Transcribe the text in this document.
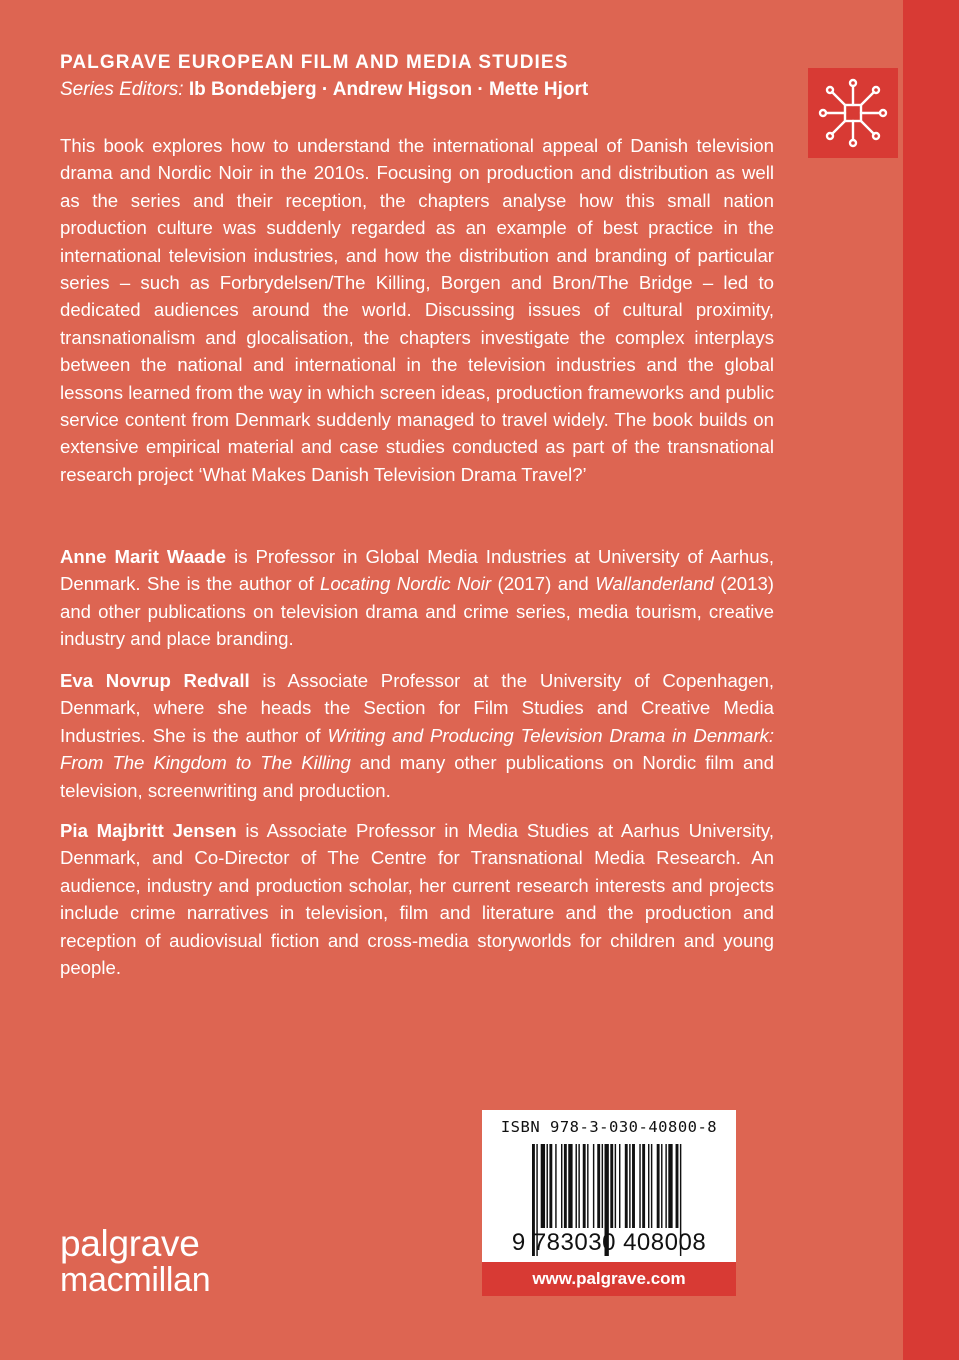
PALGRAVE EUROPEAN FILM AND MEDIA STUDIES
Series Editors: Ib Bondebjerg · Andrew Higson · Mette Hjort

This book explores how to understand the international appeal of Danish television drama and Nordic Noir in the 2010s. Focusing on production and distribution as well as the series and their reception, the chapters analyse how this small nation production culture was suddenly regarded as an example of best practice in the international television industries, and how the distribution and branding of particular series – such as Forbrydelsen/The Killing, Borgen and Bron/The Bridge – led to dedicated audiences around the world. Discussing issues of cultural proximity, transnationalism and glocalisation, the chapters investigate the complex interplays between the national and international in the television industries and the global lessons learned from the way in which screen ideas, production frameworks and public service content from Denmark suddenly managed to travel widely. The book builds on extensive empirical material and case studies conducted as part of the transnational research project ‘What Makes Danish Television Drama Travel?’

Anne Marit Waade is Professor in Global Media Industries at University of Aarhus, Denmark. She is the author of Locating Nordic Noir (2017) and Wallanderland (2013) and other publications on television drama and crime series, media tourism, creative industry and place branding.

Eva Novrup Redvall is Associate Professor at the University of Copenhagen, Denmark, where she heads the Section for Film Studies and Creative Media Industries. She is the author of Writing and Producing Television Drama in Denmark: From The Kingdom to The Killing and many other publications on Nordic film and television, screenwriting and production.

Pia Majbritt Jensen is Associate Professor in Media Studies at Aarhus University, Denmark, and Co-Director of The Centre for Transnational Media Research. An audience, industry and production scholar, her current research interests and projects include crime narratives in television, film and literature and the production and reception of audiovisual fiction and cross-media storyworlds for children and young people.

ISBN 978-3-030-40800-8
9 783030 408008
www.palgrave.com
palgrave
macmillan
